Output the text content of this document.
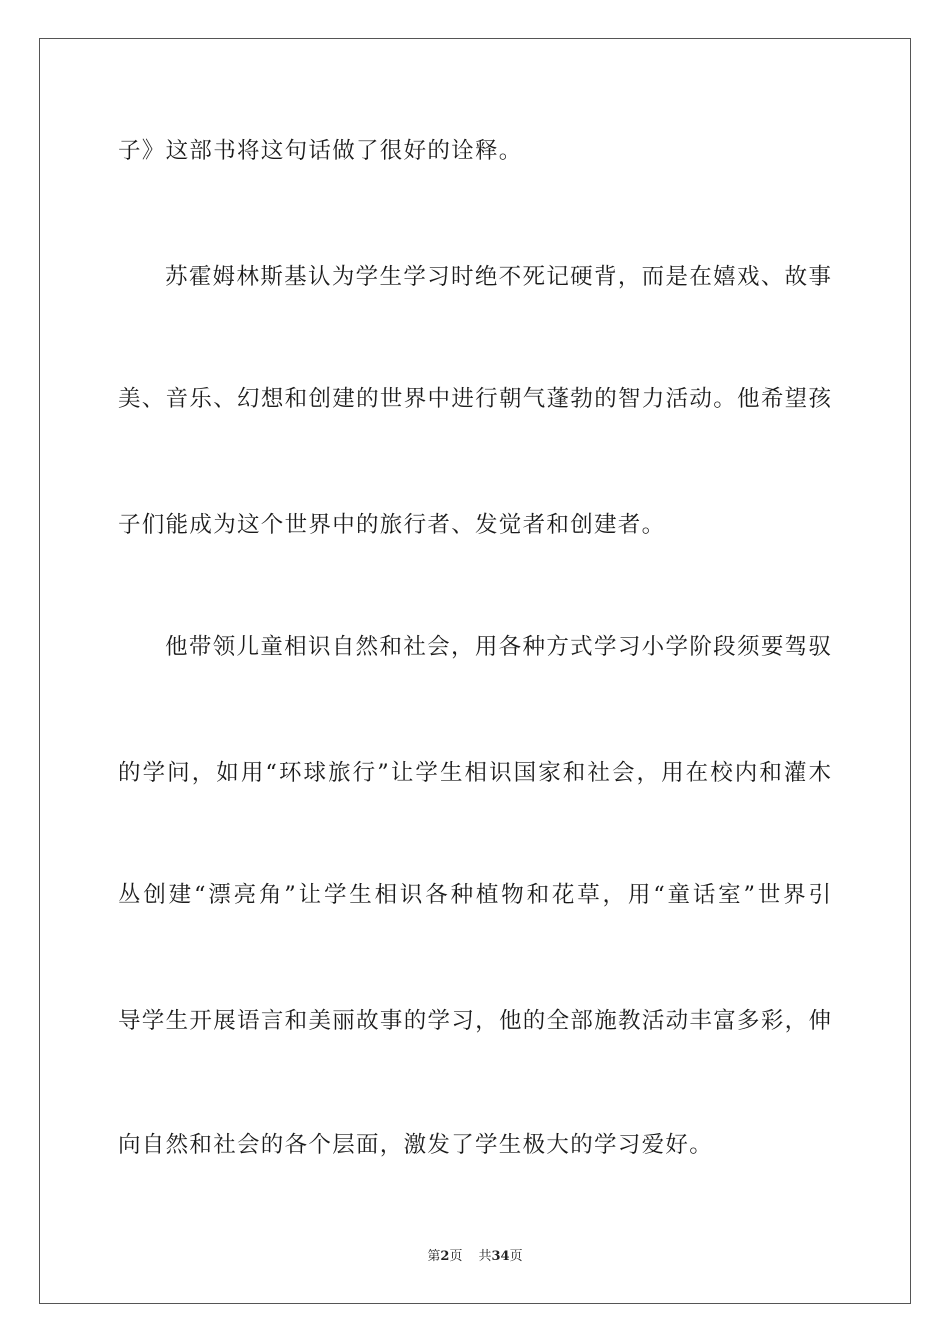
子》这部书将这句话做了很好的诠释。
苏霍姆林斯基认为学生学习时绝不死记硬背，而是在嬉戏、故事
美、音乐、幻想和创建的世界中进行朝气蓬勃的智力活动。他希望孩
子们能成为这个世界中的旅行者、发觉者和创建者。
他带领儿童相识自然和社会，用各种方式学习小学阶段须要驾驭
的学问，如用“环球旅行”让学生相识国家和社会，用在校内和灌木
丛创建“漂亮角”让学生相识各种植物和花草，用“童话室”世界引
导学生开展语言和美丽故事的学习，他的全部施教活动丰富多彩，伸
向自然和社会的各个层面，激发了学生极大的学习爱好。
第2页 共34页
